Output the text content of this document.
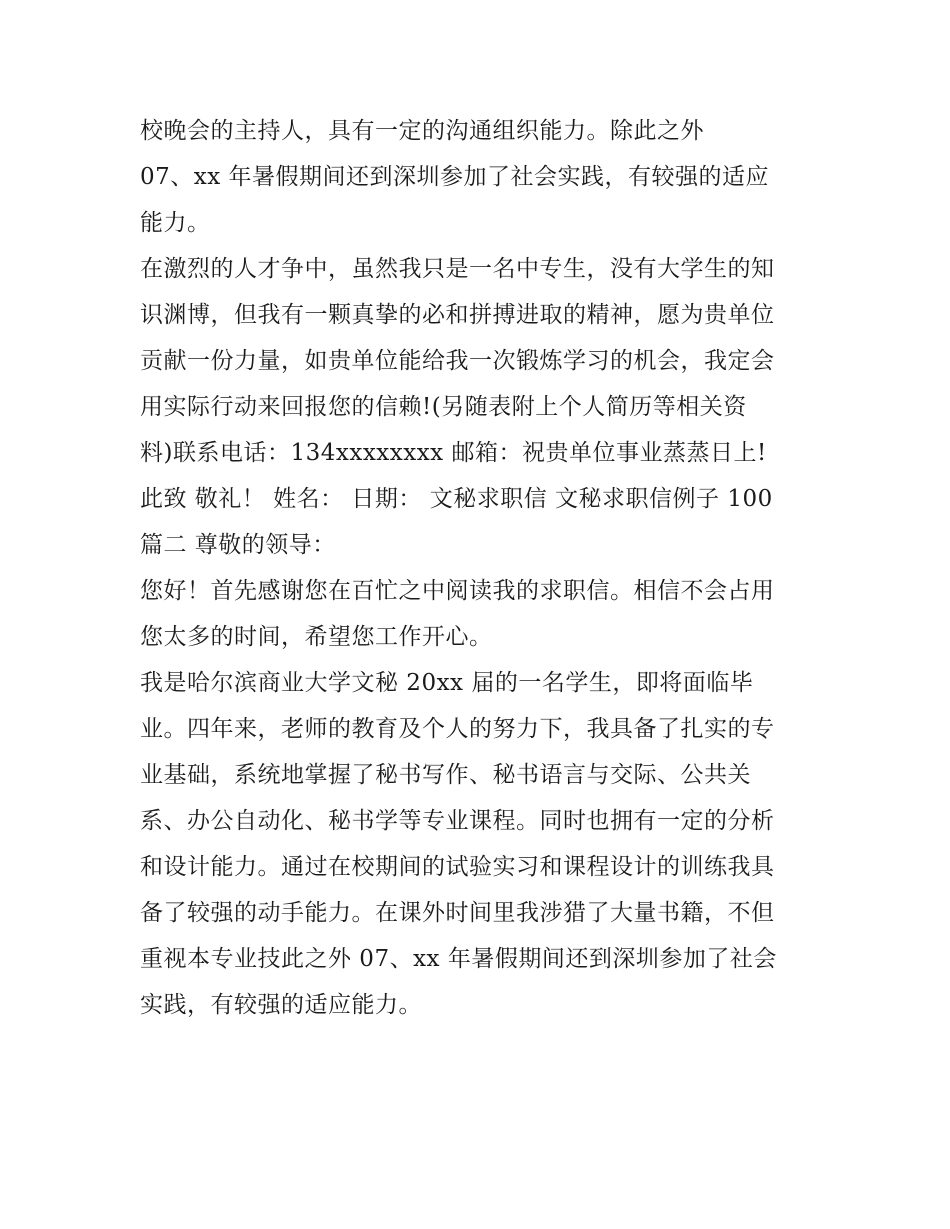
校晚会的主持人，具有一定的沟通组织能力。除此之外
07、xx 年暑假期间还到深圳参加了社会实践，有较强的适应
能力。
在激烈的人才争中，虽然我只是一名中专生，没有大学生的知
识渊博，但我有一颗真挚的必和拼搏进取的精神，愿为贵单位
贡献一份力量，如贵单位能给我一次锻炼学习的机会，我定会
用实际行动来回报您的信赖!(另随表附上个人简历等相关资
料)联系电话：134xxxxxxxx 邮箱：祝贵单位事业蒸蒸日上!
此致 敬礼！ 姓名： 日期： 文秘求职信 文秘求职信例子 100
篇二 尊敬的领导：
您好！首先感谢您在百忙之中阅读我的求职信。相信不会占用
您太多的时间，希望您工作开心。
我是哈尔滨商业大学文秘 20xx 届的一名学生，即将面临毕
业。四年来，老师的教育及个人的努力下，我具备了扎实的专
业基础，系统地掌握了秘书写作、秘书语言与交际、公共关
系、办公自动化、秘书学等专业课程。同时也拥有一定的分析
和设计能力。通过在校期间的试验实习和课程设计的训练我具
备了较强的动手能力。在课外时间里我涉猎了大量书籍，不但
重视本专业技此之外 07、xx 年暑假期间还到深圳参加了社会
实践，有较强的适应能力。
